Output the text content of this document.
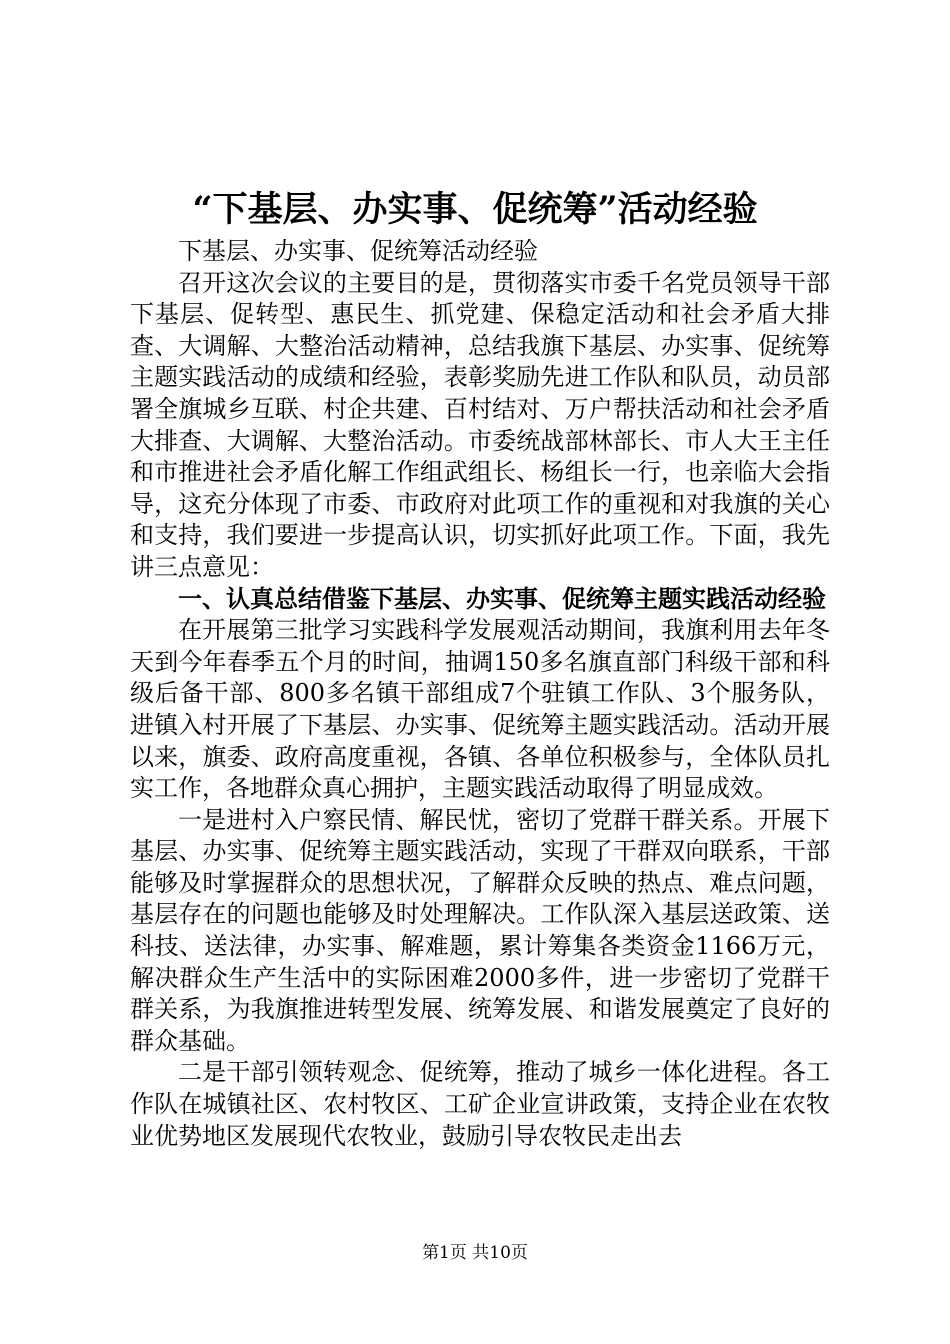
“下基层、办实事、促统筹”活动经验

下基层、办实事、促统筹活动经验

召开这次会议的主要目的是，贯彻落实市委千名党员领导干部下基层、促转型、惠民生、抓党建、保稳定活动和社会矛盾大排查、大调解、大整治活动精神，总结我旗下基层、办实事、促统筹主题实践活动的成绩和经验，表彰奖励先进工作队和队员，动员部署全旗城乡互联、村企共建、百村结对、万户帮扶活动和社会矛盾大排查、大调解、大整治活动。市委统战部林部长、市人大王主任和市推进社会矛盾化解工作组武组长、杨组长一行，也亲临大会指导，这充分体现了市委、市政府对此项工作的重视和对我旗的关心和支持，我们要进一步提高认识，切实抓好此项工作。下面，我先讲三点意见：

一、认真总结借鉴下基层、办实事、促统筹主题实践活动经验

在开展第三批学习实践科学发展观活动期间，我旗利用去年冬天到今年春季五个月的时间，抽调150多名旗直部门科级干部和科级后备干部、800多名镇干部组成7个驻镇工作队、3个服务队，进镇入村开展了下基层、办实事、促统筹主题实践活动。活动开展以来，旗委、政府高度重视，各镇、各单位积极参与，全体队员扎实工作，各地群众真心拥护，主题实践活动取得了明显成效。

一是进村入户察民情、解民忧，密切了党群干群关系。开展下基层、办实事、促统筹主题实践活动，实现了干群双向联系，干部能够及时掌握群众的思想状况，了解群众反映的热点、难点问题，基层存在的问题也能够及时处理解决。工作队深入基层送政策、送科技、送法律，办实事、解难题，累计筹集各类资金1166万元，解决群众生产生活中的实际困难2000多件，进一步密切了党群干群关系，为我旗推进转型发展、统筹发展、和谐发展奠定了良好的群众基础。

二是干部引领转观念、促统筹，推动了城乡一体化进程。各工作队在城镇社区、农村牧区、工矿企业宣讲政策，支持企业在农牧业优势地区发展现代农牧业，鼓励引导农牧民走出去

第1页 共10页
